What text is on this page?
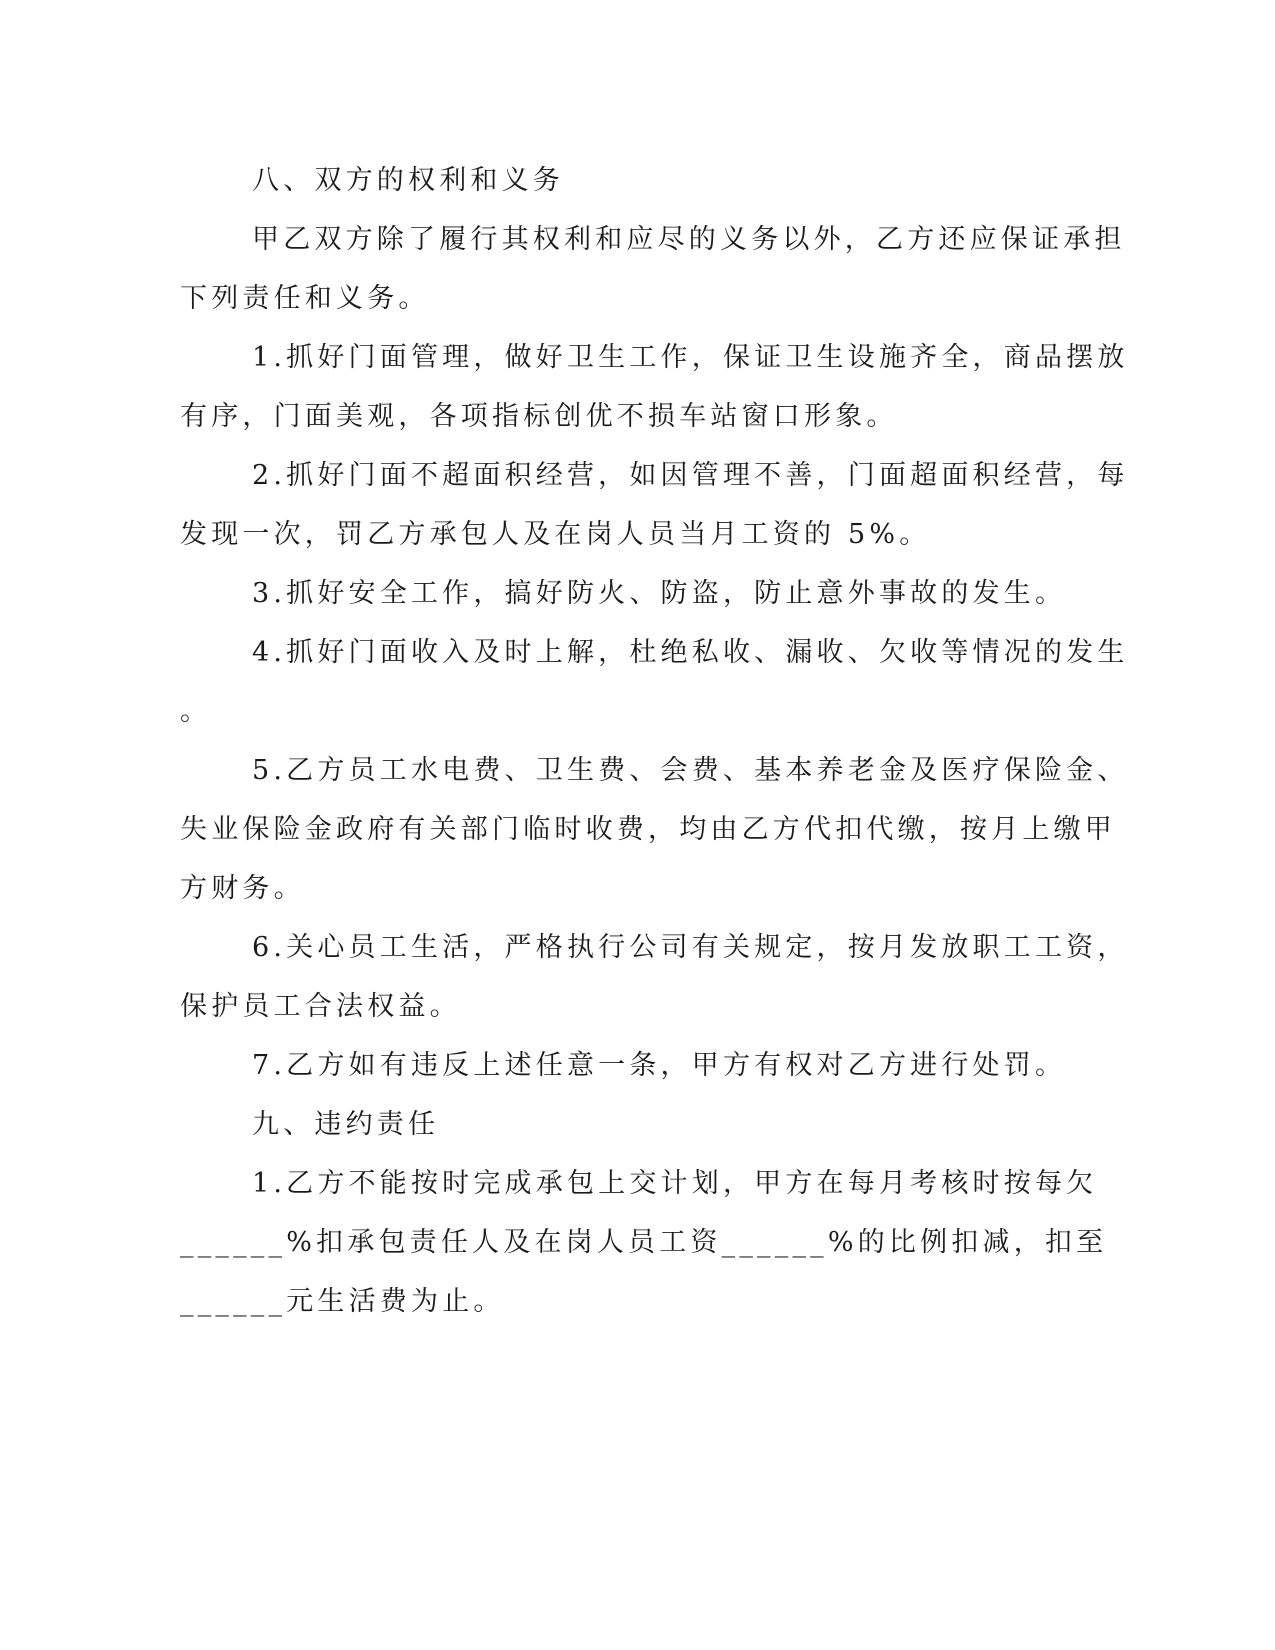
八、双方的权利和义务
甲乙双方除了履行其权利和应尽的义务以外，乙方还应保证承担
下列责任和义务。
1.抓好门面管理，做好卫生工作，保证卫生设施齐全，商品摆放
有序，门面美观，各项指标创优不损车站窗口形象。
2.抓好门面不超面积经营，如因管理不善，门面超面积经营，每
发现一次，罚乙方承包人及在岗人员当月工资的 5%。
3.抓好安全工作，搞好防火、防盗，防止意外事故的发生。
4.抓好门面收入及时上解，杜绝私收、漏收、欠收等情况的发生
。
5.乙方员工水电费、卫生费、会费、基本养老金及医疗保险金、
失业保险金政府有关部门临时收费，均由乙方代扣代缴，按月上缴甲
方财务。
6.关心员工生活，严格执行公司有关规定，按月发放职工工资，
保护员工合法权益。
7.乙方如有违反上述任意一条，甲方有权对乙方进行处罚。
九、违约责任
1.乙方不能按时完成承包上交计划，甲方在每月考核时按每欠
______%扣承包责任人及在岗人员工资______%的比例扣减，扣至
______元生活费为止。
